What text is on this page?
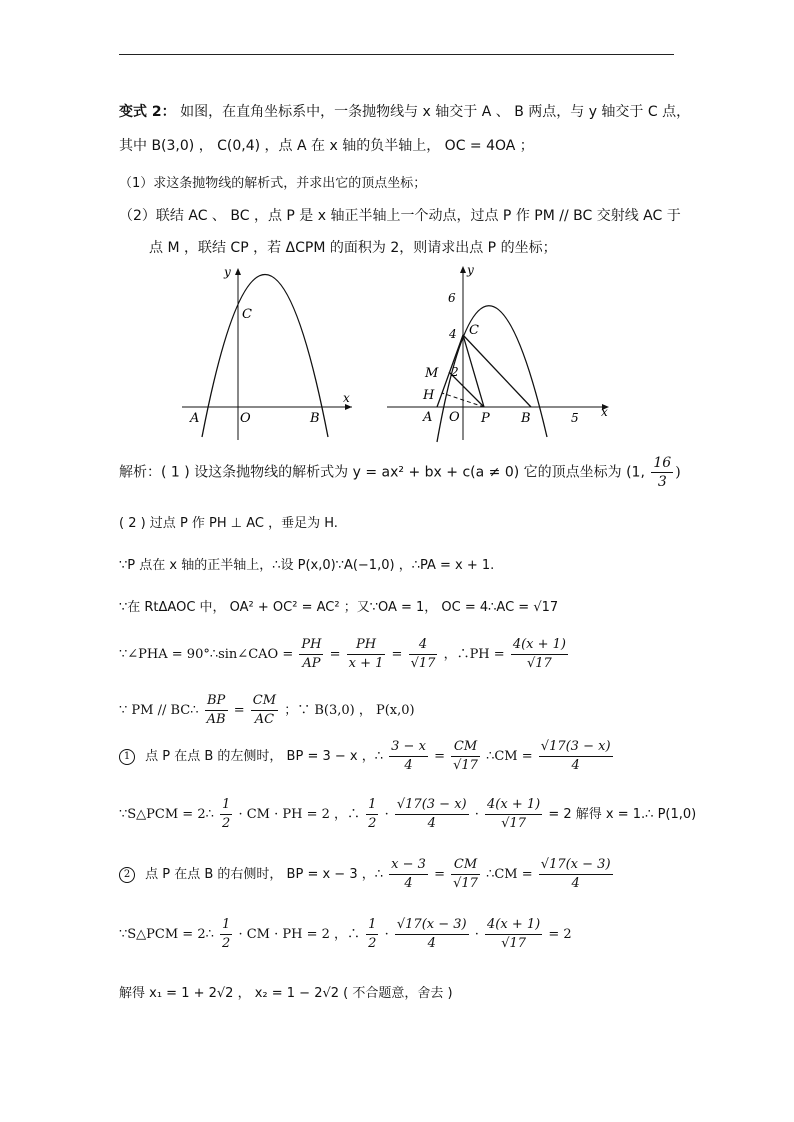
变式 2： 如图，在直角坐标系中，一条抛物线与 x 轴交于 A 、 B 两点，与 y 轴交于 C 点，
其中 B(3,0) ， C(0,4) ，点 A 在 x 轴的负半轴上， OC = 4OA ；
（1）求这条抛物线的解析式，并求出它的顶点坐标；
（2）联结 AC 、 BC ，点 P 是 x 轴正半轴上一个动点，过点 P 作 PM // BC 交射线 AC 于
点 M ，联结 CP ，若 ΔCPM 的面积为 2，则请求出点 P 的坐标；
y
x
C
A	O	B
y
x
6
4
2
5
C
M
H
A O P B
解析：( 1 ) 设这条抛物线的解析式为 y = ax² + bx + c(a ≠ 0) 它的顶点坐标为 (1, $\frac{16}{3}$ )
( 2 ) 过点 P 作 PH ⊥ AC ，垂足为 H.
∵P 点在 x 轴的正半轴上，∴设 P(x,0)∵A(−1,0) ，∴PA = x + 1.
∵在 RtΔAOC 中， OA² + OC² = AC² ；又∵OA = 1， OC = 4∴AC = √17
∵∠PHA = 90°∴sin∠CAO = $\frac{PH}{AP} = \frac{PH}{x + 1} = \frac{4}{√17}$ ，∴PH = $\frac{4(x + 1)}{√17}$
∵ PM // BC∴ $\frac{BP}{AB} = \frac{CM}{AC}$ ；∵ B(3,0) ， P(x,0)
1 点 P 在点 B 的左侧时， BP = 3 − x ，∴ $\frac{3 - x}{4} = \frac{CM}{√17}$ ∴CM = $\frac{√17(3 - x)}{4}$
∵S△PCM = 2∴ $\frac{1}{2}$ · CM · PH = 2 ，∴ $\frac{1}{2} \cdot \frac{√17(3 - x)}{4} \cdot \frac{4(x + 1)}{√17} = 2$ 解得 x = 1.∴ P(1,0)
2 点 P 在点 B 的右侧时， BP = x − 3 ，∴ $\frac{x - 3}{4} = \frac{CM}{√17}$ ∴CM = $\frac{√17(x - 3)}{4}$
∵S△PCM = 2∴ $\frac{1}{2}$ · CM · PH = 2 ，∴ $\frac{1}{2} \cdot \frac{√17(x - 3)}{4} \cdot \frac{4(x + 1)}{√17} = 2$
解得 x₁ = 1 + 2√2 ， x₂ = 1 − 2√2 ( 不合题意，舍去 )
